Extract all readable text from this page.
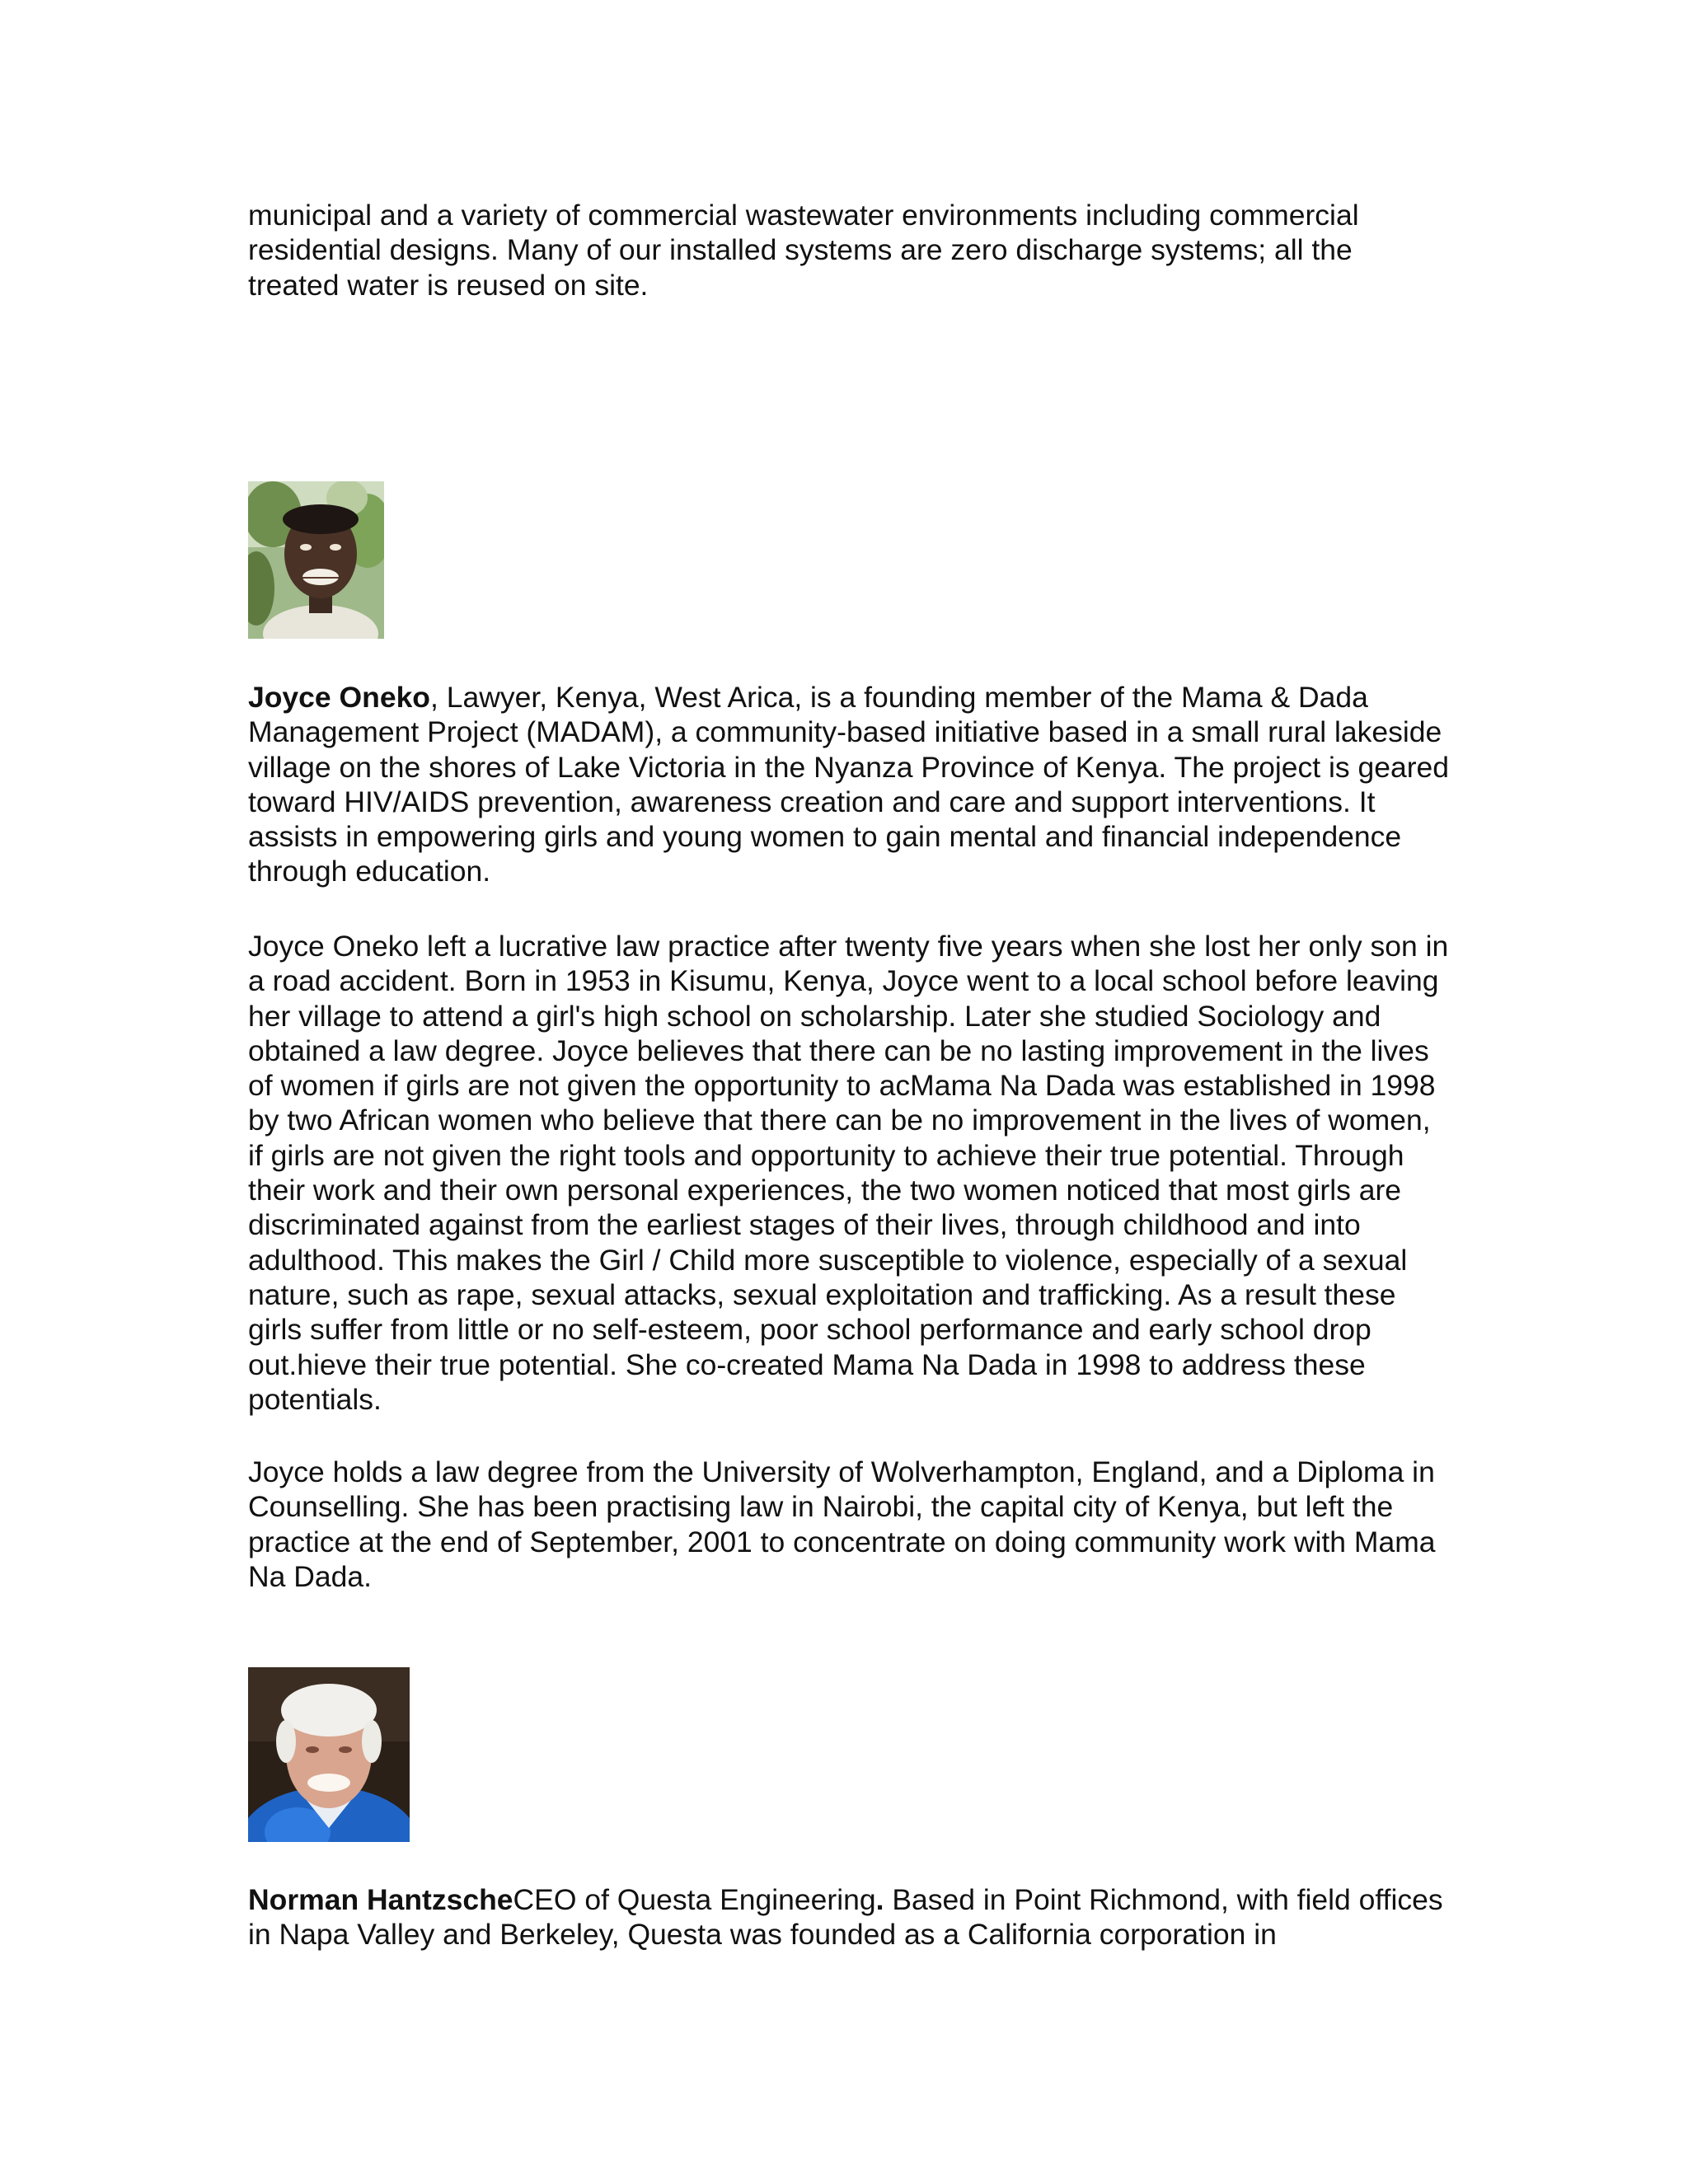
municipal and a variety of commercial wastewater environments including commercial residential designs. Many of our installed systems are zero discharge systems; all the treated water is reused on site.

Joyce Oneko, Lawyer, Kenya, West Arica, is a founding member of the Mama & Dada Management Project (MADAM), a community-based initiative based in a small rural lakeside village on the shores of Lake Victoria in the Nyanza Province of Kenya. The project is geared toward HIV/AIDS prevention, awareness creation and care and support interventions. It assists in empowering girls and young women to gain mental and financial independence through education.

Joyce Oneko left a lucrative law practice after twenty five years when she lost her only son in a road accident. Born in 1953 in Kisumu, Kenya, Joyce went to a local school before leaving her village to attend a girl's high school on scholarship. Later she studied Sociology and obtained a law degree. Joyce believes that there can be no lasting improvement in the lives of women if girls are not given the opportunity to acMama Na Dada was established in 1998 by two African women who believe that there can be no improvement in the lives of women, if girls are not given the right tools and opportunity to achieve their true potential. Through their work and their own personal experiences, the two women noticed that most girls are discriminated against from the earliest stages of their lives, through childhood and into adulthood. This makes the Girl / Child more susceptible to violence, especially of a sexual nature, such as rape, sexual attacks, sexual exploitation and trafficking. As a result these girls suffer from little or no self-esteem, poor school performance and early school drop out.hieve their true potential. She co-created Mama Na Dada in 1998 to address these potentials.

Joyce holds a law degree from the University of Wolverhampton, England, and a Diploma in Counselling. She has been practising law in Nairobi, the capital city of Kenya, but left the practice at the end of September, 2001 to concentrate on doing community work with Mama Na Dada.

Norman HantzscheCEO of Questa Engineering. Based in Point Richmond, with field offices in Napa Valley and Berkeley, Questa was founded as a California corporation in
